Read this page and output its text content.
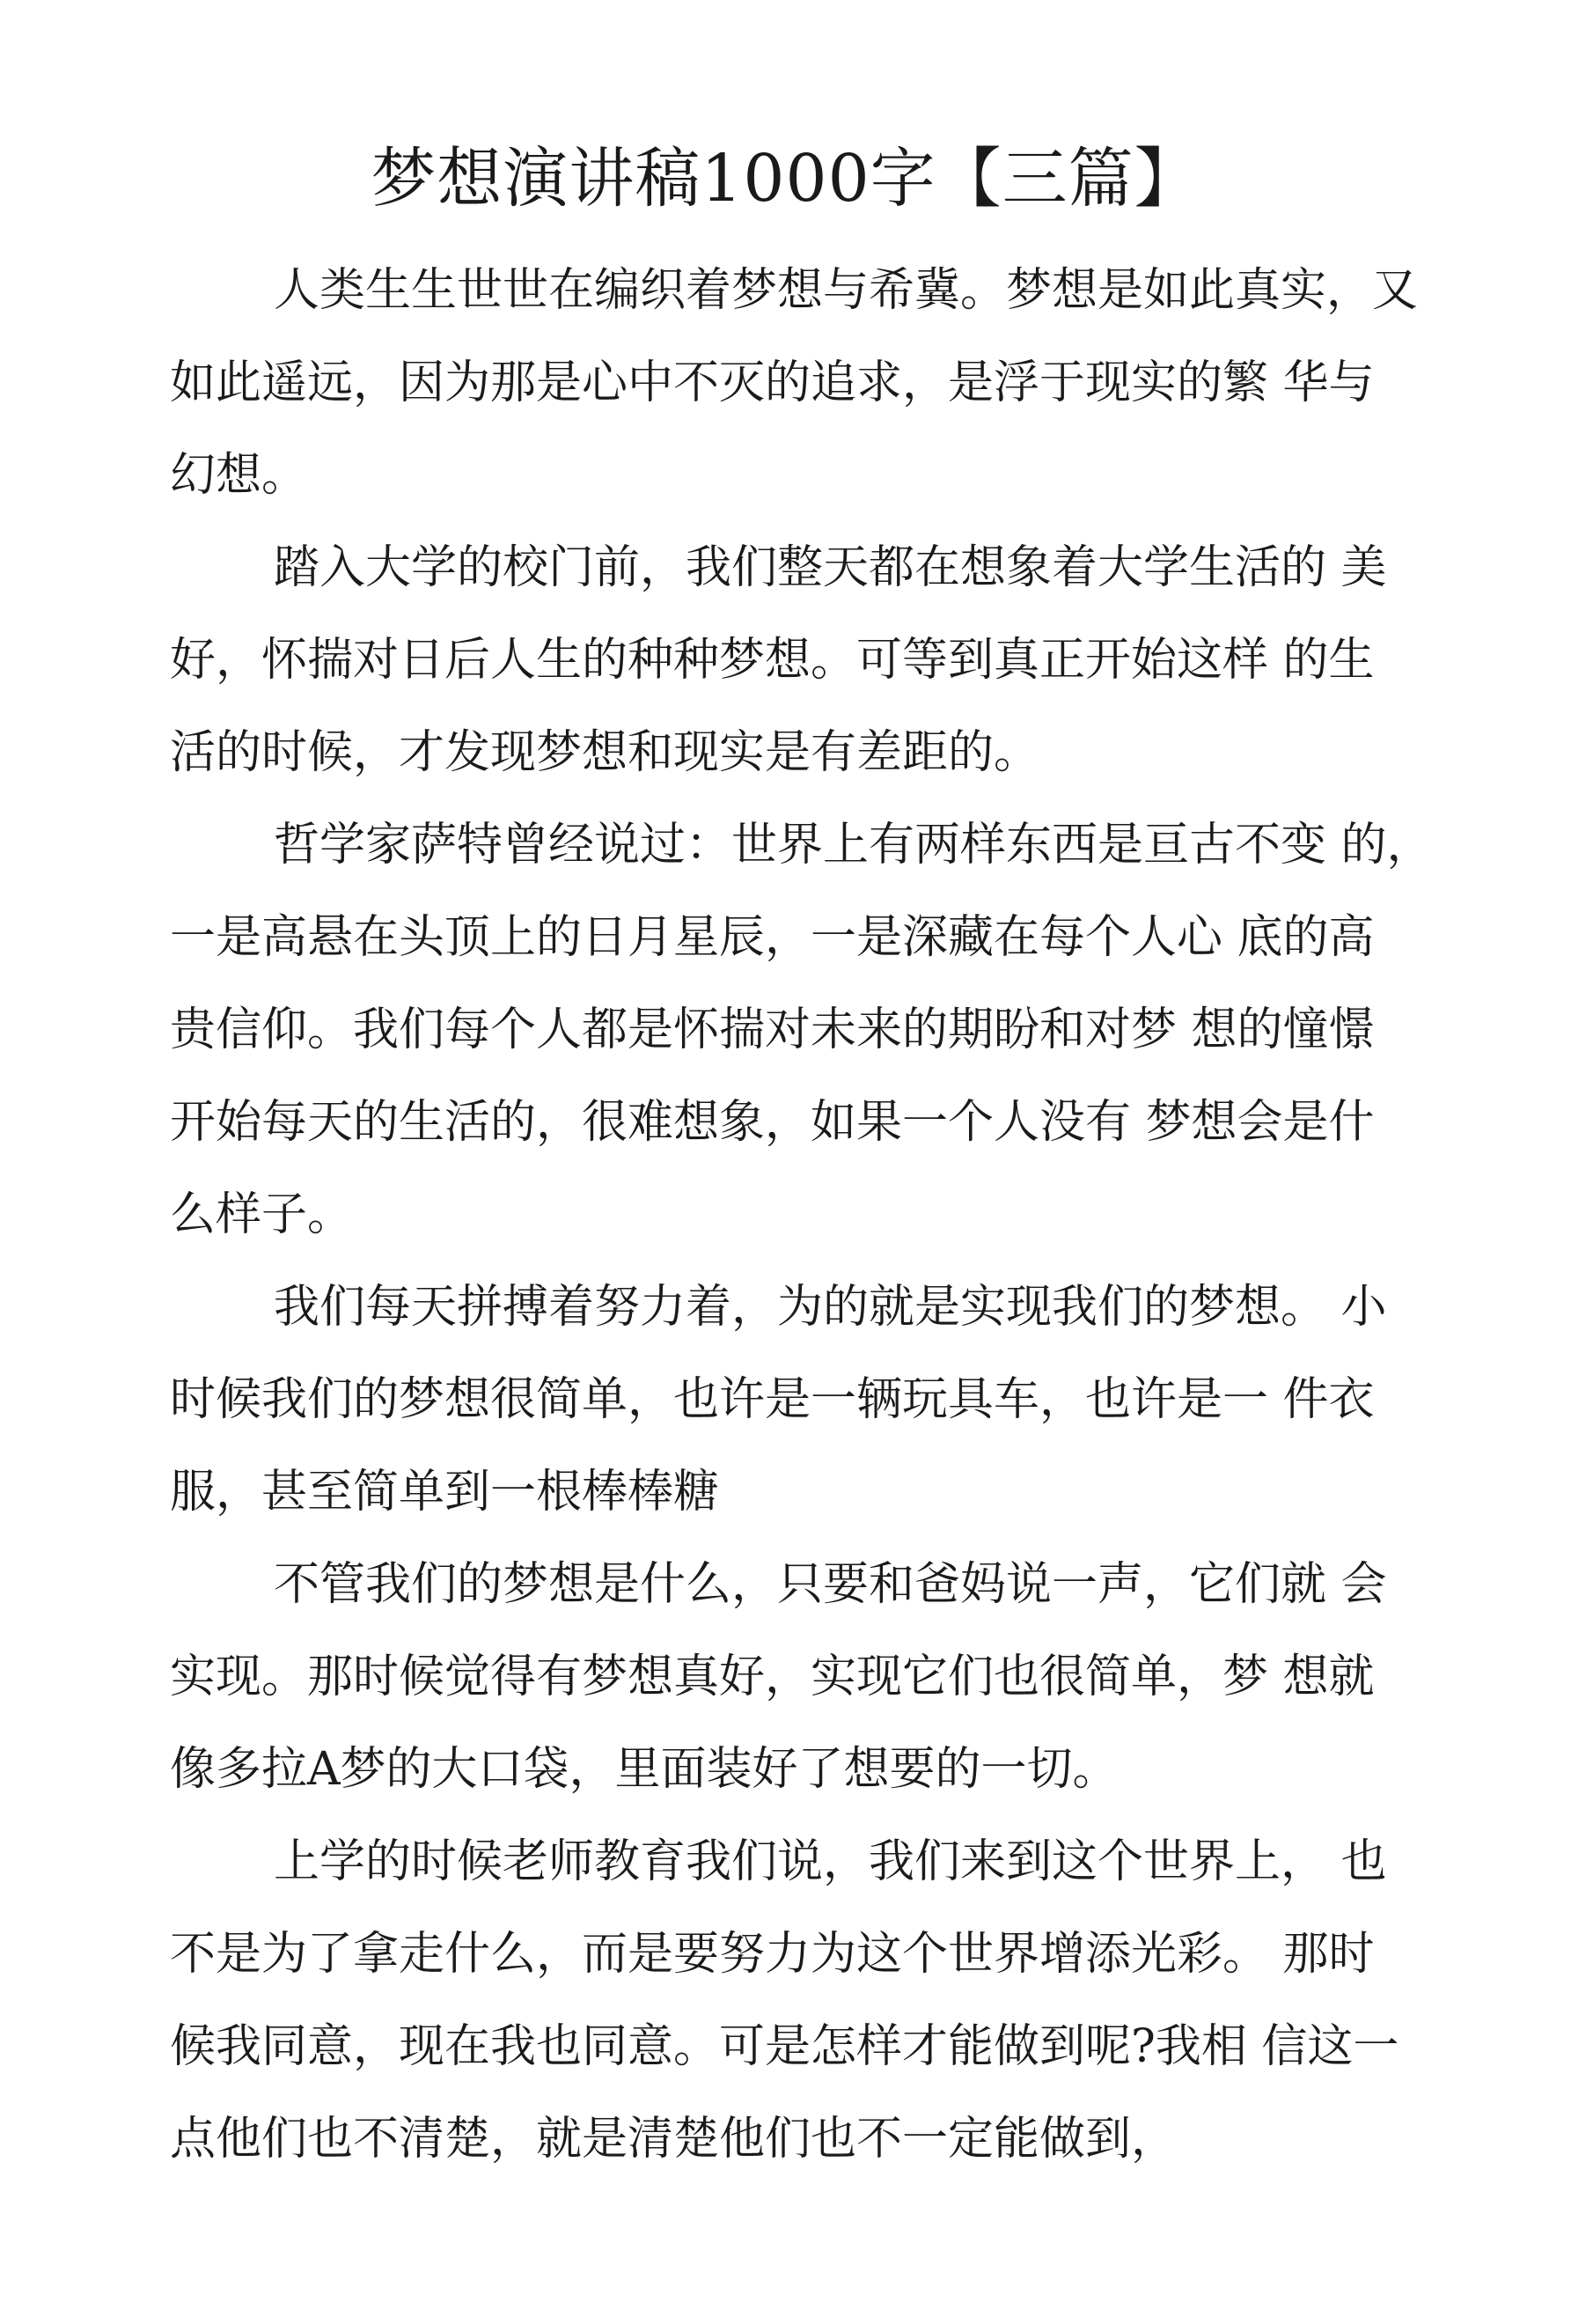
梦想演讲稿1000字【三篇】
人类生生世世在编织着梦想与希冀。梦想是如此真实，又
如此遥远，因为那是心中不灭的追求，是浮于现实的繁 华与
幻想。
踏入大学的校门前，我们整天都在想象着大学生活的 美
好，怀揣对日后人生的种种梦想。可等到真正开始这样 的生
活的时候，才发现梦想和现实是有差距的。
哲学家萨特曾经说过：世界上有两样东西是亘古不变 的，
一是高悬在头顶上的日月星辰，一是深藏在每个人心 底的高
贵信仰。我们每个人都是怀揣对未来的期盼和对梦 想的憧憬
开始每天的生活的，很难想象，如果一个人没有 梦想会是什
么样子。
我们每天拼搏着努力着，为的就是实现我们的梦想。 小
时候我们的梦想很简单，也许是一辆玩具车，也许是一 件衣
服，甚至简单到一根棒棒糖
不管我们的梦想是什么，只要和爸妈说一声，它们就 会
实现。那时候觉得有梦想真好，实现它们也很简单，梦 想就
像多拉A梦的大口袋，里面装好了想要的一切。
上学的时候老师教育我们说，我们来到这个世界上， 也
不是为了拿走什么，而是要努力为这个世界增添光彩。 那时
候我同意，现在我也同意。可是怎样才能做到呢?我相 信这一
点他们也不清楚，就是清楚他们也不一定能做到，
